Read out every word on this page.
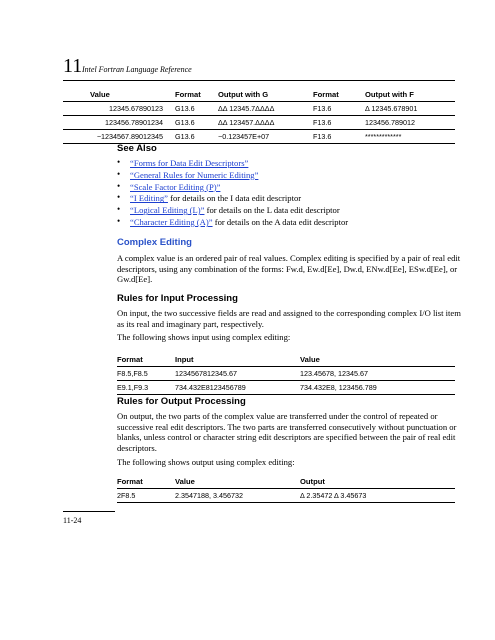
11 Intel Fortran Language Reference
Value	Format	Output with G	Format	Output with F
12345.67890123	G13.6	ΔΔ 12345.7ΔΔΔΔ	F13.6	Δ 12345.678901
123456.78901234	G13.6	ΔΔ 123457.ΔΔΔΔ	F13.6	123456.789012
−1234567.89012345	G13.6	−0.123457E+07	F13.6	*************

See Also
• “Forms for Data Edit Descriptors”
• “General Rules for Numeric Editing”
• “Scale Factor Editing (P)”
• “I Editing” for details on the I data edit descriptor
• “Logical Editing (L)” for details on the L data edit descriptor
• “Character Editing (A)” for details on the A data edit descriptor
Complex Editing
A complex value is an ordered pair of real values. Complex editing is specified by a pair of real edit descriptors, using any combination of the forms: Fw.d, Ew.d[Ee], Dw.d, ENw.d[Ee], ESw.d[Ee], or Gw.d[Ee].
Rules for Input Processing
On input, the two successive fields are read and assigned to the corresponding complex I/O list item as its real and imaginary part, respectively.
The following shows input using complex editing:
Format	Input	Value
F8.5,F8.5	1234567812345.67	123.45678, 12345.67
E9.1,F9.3	734.432E8123456789	734.432E8, 123456.789

Rules for Output Processing
On output, the two parts of the complex value are transferred under the control of repeated or successive real edit descriptors. The two parts are transferred consecutively without punctuation or blanks, unless control or character string edit descriptors are specified between the pair of real edit descriptors.
The following shows output using complex editing:
Format	Value	Output
2F8.5	2.3547188, 3.456732	Δ 2.35472 Δ 3.45673

11-24
